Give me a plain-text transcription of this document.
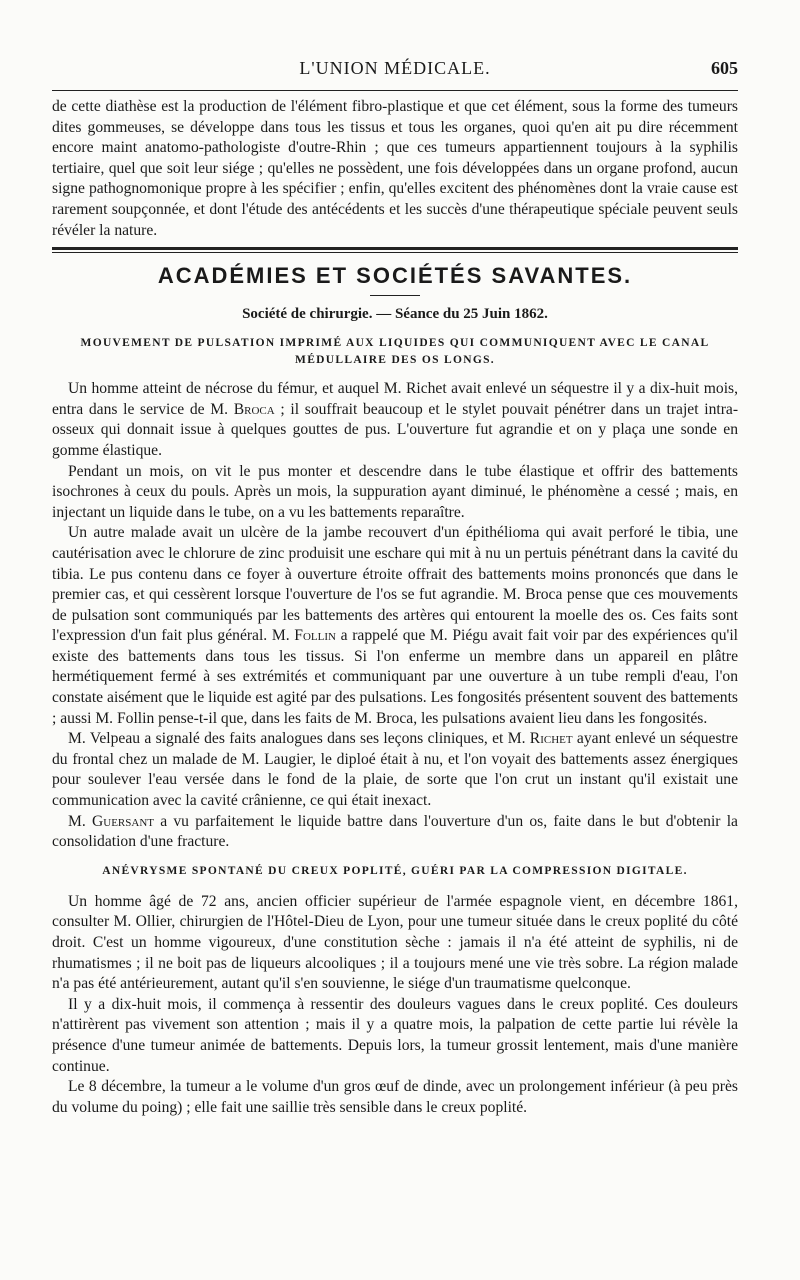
L'UNION MÉDICALE.	605

de cette diathèse est la production de l'élément fibro-plastique et que cet élément, sous la forme des tumeurs dites gommeuses, se développe dans tous les tissus et tous les organes, quoi qu'en ait pu dire récemment encore maint anatomo-pathologiste d'outre-Rhin ; que ces tumeurs appartiennent toujours à la syphilis tertiaire, quel que soit leur siége ; qu'elles ne possèdent, une fois développées dans un organe profond, aucun signe pathognomonique propre à les spécifier ; enfin, qu'elles excitent des phénomènes dont la vraie cause est rarement soupçonnée, et dont l'étude des antécédents et les succès d'une thérapeutique spéciale peuvent seuls révéler la nature.

ACADÉMIES ET SOCIÉTÉS SAVANTES.
Société de chirurgie. — Séance du 25 Juin 1862.
MOUVEMENT DE PULSATION IMPRIMÉ AUX LIQUIDES QUI COMMUNIQUENT AVEC LE CANAL
MÉDULLAIRE DES OS LONGS.

Un homme atteint de nécrose du fémur, et auquel M. Richet avait enlevé un séquestre il y a dix-huit mois, entra dans le service de M. Broca ; il souffrait beaucoup et le stylet pouvait pénétrer dans un trajet intra-osseux qui donnait issue à quelques gouttes de pus. L'ouverture fut agrandie et on y plaça une sonde en gomme élastique.

Pendant un mois, on vit le pus monter et descendre dans le tube élastique et offrir des battements isochrones à ceux du pouls. Après un mois, la suppuration ayant diminué, le phénomène a cessé ; mais, en injectant un liquide dans le tube, on a vu les battements reparaître.

Un autre malade avait un ulcère de la jambe recouvert d'un épithélioma qui avait perforé le tibia, une cautérisation avec le chlorure de zinc produisit une eschare qui mit à nu un pertuis pénétrant dans la cavité du tibia. Le pus contenu dans ce foyer à ouverture étroite offrait des battements moins prononcés que dans le premier cas, et qui cessèrent lorsque l'ouverture de l'os se fut agrandie. M. Broca pense que ces mouvements de pulsation sont communiqués par les battements des artères qui entourent la moelle des os. Ces faits sont l'expression d'un fait plus général. M. Follin a rappelé que M. Piégu avait fait voir par des expériences qu'il existe des battements dans tous les tissus. Si l'on enferme un membre dans un appareil en plâtre hermétiquement fermé à ses extrémités et communiquant par une ouverture à un tube rempli d'eau, l'on constate aisément que le liquide est agité par des pulsations. Les fongosités présentent souvent des battements ; aussi M. Follin pense-t-il que, dans les faits de M. Broca, les pulsations avaient lieu dans les fongosités.

M. Velpeau a signalé des faits analogues dans ses leçons cliniques, et M. Richet ayant enlevé un séquestre du frontal chez un malade de M. Laugier, le diploé était à nu, et l'on voyait des battements assez énergiques pour soulever l'eau versée dans le fond de la plaie, de sorte que l'on crut un instant qu'il existait une communication avec la cavité crânienne, ce qui était inexact.

M. Guersant a vu parfaitement le liquide battre dans l'ouverture d'un os, faite dans le but d'obtenir la consolidation d'une fracture.

ANÉVRYSME SPONTANÉ DU CREUX POPLITÉ, GUÉRI PAR LA COMPRESSION DIGITALE.

Un homme âgé de 72 ans, ancien officier supérieur de l'armée espagnole vient, en décembre 1861, consulter M. Ollier, chirurgien de l'Hôtel-Dieu de Lyon, pour une tumeur située dans le creux poplité du côté droit. C'est un homme vigoureux, d'une constitution sèche : jamais il n'a été atteint de syphilis, ni de rhumatismes ; il ne boit pas de liqueurs alcooliques ; il a toujours mené une vie très sobre. La région malade n'a pas été antérieurement, autant qu'il s'en souvienne, le siége d'un traumatisme quelconque.

Il y a dix-huit mois, il commença à ressentir des douleurs vagues dans le creux poplité. Ces douleurs n'attirèrent pas vivement son attention ; mais il y a quatre mois, la palpation de cette partie lui révèle la présence d'une tumeur animée de battements. Depuis lors, la tumeur grossit lentement, mais d'une manière continue.

Le 8 décembre, la tumeur a le volume d'un gros œuf de dinde, avec un prolongement inférieur (à peu près du volume du poing) ; elle fait une saillie très sensible dans le creux poplité.
